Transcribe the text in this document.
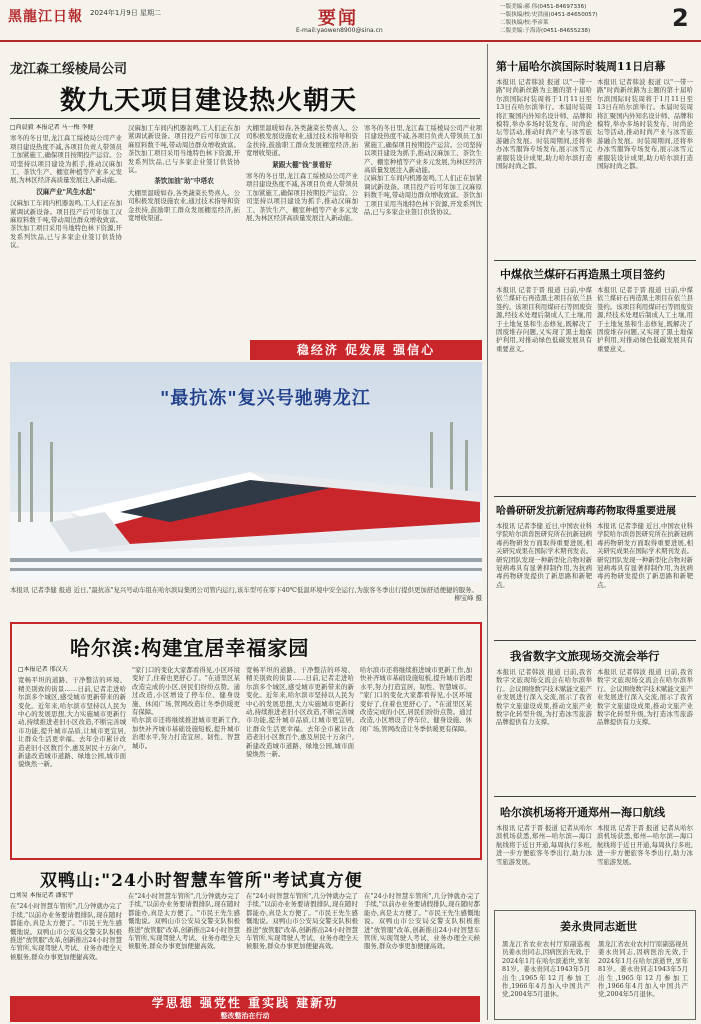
黑龍江日報 2024年1月9日 星期二	要闻
E-mail:yaowen8900@sina.cn
一版美编:郝 伟(0451-84697336)
一版执编/校:史洪丽(0451-84650057)
二版执编/校:李彦莱
二版美编:于海涛(0451-84655238)	2
龙江森工绥棱局公司
数九天项目建设热火朝天
□尚晨毅 本报记者 马一梅 李健
寒冬的冬日里,龙江森工绥棱局公司产业项目建设热度不减,各项目负责人带领员工加紧施工,确保项目按期投产运营。公司坚持以项目建设为抓手,推动汉麻加工、茶饮生产、棚室种植等产业多元发展,为林区经济高质量发展注入新动能。
汉麻产业"风生水起"
汉麻加工车间内机器轰鸣,工人们正在加紧调试新设备。项目投产后可年加工汉麻原料数千吨,带动周边群众增收致富。茶饮加工项目采用当地特色林下资源,开发系列饮品,已与多家企业签订供货协议。
汉麻加工车间内机器轰鸣,工人们正在加紧调试新设备。项目投产后可年加工汉麻原料数千吨,带动周边群众增收致富。茶饮加工项目采用当地特色林下资源,开发系列饮品,已与多家企业签订供货协议。
茶饮加油"助"中塔农
大棚里温暖如春,各类蔬菜长势喜人。公司积极发展设施农业,通过技术指导和资金扶持,鼓励职工群众发展棚室经济,拓宽增收渠道。
大棚里温暖如春,各类蔬菜长势喜人。公司积极发展设施农业,通过技术指导和资金扶持,鼓励职工群众发展棚室经济,拓宽增收渠道。
紧跟大棚"钱"景看好
寒冬的冬日里,龙江森工绥棱局公司产业项目建设热度不减,各项目负责人带领员工加紧施工,确保项目按期投产运营。公司坚持以项目建设为抓手,推动汉麻加工、茶饮生产、棚室种植等产业多元发展,为林区经济高质量发展注入新动能。
寒冬的冬日里,龙江森工绥棱局公司产业项目建设热度不减,各项目负责人带领员工加紧施工,确保项目按期投产运营。公司坚持以项目建设为抓手,推动汉麻加工、茶饮生产、棚室种植等产业多元发展,为林区经济高质量发展注入新动能。
汉麻加工车间内机器轰鸣,工人们正在加紧调试新设备。项目投产后可年加工汉麻原料数千吨,带动周边群众增收致富。茶饮加工项目采用当地特色林下资源,开发系列饮品,已与多家企业签订供货协议。
稳经济 促发展 强信心
"最抗冻"复兴号驰骋龙江
本报讯 记者李健 报道 近日,"最抗冻"复兴号动车组在哈尔滨局集团公司管内运行,该车型可在零下40℃低温环境中安全运行,为旅客冬季出行提供更加舒适便捷的服务。
柳宝峰 摄
哈尔滨:构建宜居幸福家园
□本报记者 邢汉夫
宽畅平坦的道路、干净整洁的环境、精美别致的街景……日前,记者走进哈尔滨多个城区,感受城市更新带来的新变化。近年来,哈尔滨市坚持以人民为中心的发展思想,大力实施城市更新行动,持续推进老旧小区改造,不断完善城市功能,提升城市品质,让城市更宜居,让群众生活更幸福。去年全市累计改造老旧小区数百个,惠及居民十万余户,新建改造城市道路、绿地公园,城市面貌焕然一新。
"家门口的变化大家都看得见,小区环境变好了,住着也更舒心了。"在道里区某改造完成的小区,居民们纷纷点赞。通过改造,小区增设了停车位、健身设施、休闲广场,管网改造让冬季供暖更有保障。
哈尔滨市还将继续推进城市更新工作,加快补齐城市基础设施短板,提升城市治理水平,努力打造宜居、韧性、智慧城市。
宽畅平坦的道路、干净整洁的环境、精美别致的街景……日前,记者走进哈尔滨多个城区,感受城市更新带来的新变化。近年来,哈尔滨市坚持以人民为中心的发展思想,大力实施城市更新行动,持续推进老旧小区改造,不断完善城市功能,提升城市品质,让城市更宜居,让群众生活更幸福。去年全市累计改造老旧小区数百个,惠及居民十万余户,新建改造城市道路、绿地公园,城市面貌焕然一新。
哈尔滨市还将继续推进城市更新工作,加快补齐城市基础设施短板,提升城市治理水平,努力打造宜居、韧性、智慧城市。
"家门口的变化大家都看得见,小区环境变好了,住着也更舒心了。"在道里区某改造完成的小区,居民们纷纷点赞。通过改造,小区增设了停车位、健身设施、休闲广场,管网改造让冬季供暖更有保障。
双鸭山:"24小时智慧车管所"考试真方便
□刘昊 本报记者 潘宏宇
在"24小时智慧车管所",几分钟就办完了手续,"以前办业务要请假排队,现在随时都能办,真是太方便了。"市民王先生感慨地说。双鸭山市公安局交警支队积极推进"放管服"改革,创新推出24小时智慧车管所,实现驾驶人考试、业务办理全天候服务,群众办事更加便捷高效。
在"24小时智慧车管所",几分钟就办完了手续,"以前办业务要请假排队,现在随时都能办,真是太方便了。"市民王先生感慨地说。双鸭山市公安局交警支队积极推进"放管服"改革,创新推出24小时智慧车管所,实现驾驶人考试、业务办理全天候服务,群众办事更加便捷高效。
在"24小时智慧车管所",几分钟就办完了手续,"以前办业务要请假排队,现在随时都能办,真是太方便了。"市民王先生感慨地说。双鸭山市公安局交警支队积极推进"放管服"改革,创新推出24小时智慧车管所,实现驾驶人考试、业务办理全天候服务,群众办事更加便捷高效。
在"24小时智慧车管所",几分钟就办完了手续,"以前办业务要请假排队,现在随时都能办,真是太方便了。"市民王先生感慨地说。双鸭山市公安局交警支队积极推进"放管服"改革,创新推出24小时智慧车管所,实现驾驶人考试、业务办理全天候服务,群众办事更加便捷高效。
学思想 强党性 重实践 建新功
整改整治在行动
第十届哈尔滨国际时装周11日启幕
本报讯 记者韩波 报道 以"一带一路"时尚新丝路为主题的第十届哈尔滨国际时装周将于1月11日至13日在哈尔滨举行。本届时装周将汇聚国内外知名设计师、品牌和模特,举办多场时装发布、时尚论坛等活动,推动时尚产业与冰雪旅游融合发展。时装周期间,还将举办冰雪服饰专场发布,展示冰雪元素服装设计成果,助力哈尔滨打造国际时尚之都。
本报讯 记者韩波 报道 以"一带一路"时尚新丝路为主题的第十届哈尔滨国际时装周将于1月11日至13日在哈尔滨举行。本届时装周将汇聚国内外知名设计师、品牌和模特,举办多场时装发布、时尚论坛等活动,推动时尚产业与冰雪旅游融合发展。时装周期间,还将举办冰雪服饰专场发布,展示冰雪元素服装设计成果,助力哈尔滨打造国际时尚之都。
中煤依兰煤矸石再造黑土项目签约
本报讯 记者于晋 报道 日前,中煤依兰煤矸石再造黑土项目在依兰县签约。该项目利用煤矸石等固废资源,经技术处理后制成人工土壤,用于土地复垦和生态修复,既解决了固废堆存问题,又实现了黑土地保护利用,对推动绿色低碳发展具有重要意义。
本报讯 记者于晋 报道 日前,中煤依兰煤矸石再造黑土项目在依兰县签约。该项目利用煤矸石等固废资源,经技术处理后制成人工土壤,用于土地复垦和生态修复,既解决了固废堆存问题,又实现了黑土地保护利用,对推动绿色低碳发展具有重要意义。
哈兽研研发抗新冠病毒药物取得重要进展
本报讯 记者李健 近日,中国农业科学院哈尔滨兽医研究所在抗新冠病毒药物研发方面取得重要进展,相关研究成果在国际学术期刊发表。研究团队发现一种新型化合物对新冠病毒具有显著抑制作用,为抗病毒药物研发提供了新思路和新靶点。
本报讯 记者李健 近日,中国农业科学院哈尔滨兽医研究所在抗新冠病毒药物研发方面取得重要进展,相关研究成果在国际学术期刊发表。研究团队发现一种新型化合物对新冠病毒具有显著抑制作用,为抗病毒药物研发提供了新思路和新靶点。
我省数字文旅现场交流会举行
本报讯 记者韩波 报道 日前,我省数字文旅现场交流会在哈尔滨举行。会议围绕数字技术赋能文旅产业发展进行深入交流,展示了我省数字文旅建设成果,推动文旅产业数字化转型升级,为打造冰雪旅游品牌提供有力支撑。
本报讯 记者韩波 报道 日前,我省数字文旅现场交流会在哈尔滨举行。会议围绕数字技术赋能文旅产业发展进行深入交流,展示了我省数字文旅建设成果,推动文旅产业数字化转型升级,为打造冰雪旅游品牌提供有力支撑。
哈尔滨机场将开通郑州—海口航线
本报讯 记者于晋 报道 记者从哈尔滨机场获悉,郑州—哈尔滨—海口航线将于近日开通,每周执行多班,进一步方便旅客冬季出行,助力冰雪旅游发展。
本报讯 记者于晋 报道 记者从哈尔滨机场获悉,郑州—哈尔滨—海口航线将于近日开通,每周执行多班,进一步方便旅客冬季出行,助力冰雪旅游发展。
姜永贵同志逝世
黑龙江省农业农村厅原副巡视员姜永贵同志,因病医治无效,于2024年1月在哈尔滨逝世,享年81岁。姜永贵同志1943年5月出生,1965年12月参加工作,1966年4月加入中国共产党,2004年5月退休。
黑龙江省农业农村厅原副巡视员姜永贵同志,因病医治无效,于2024年1月在哈尔滨逝世,享年81岁。姜永贵同志1943年5月出生,1965年12月参加工作,1966年4月加入中国共产党,2004年5月退休。
